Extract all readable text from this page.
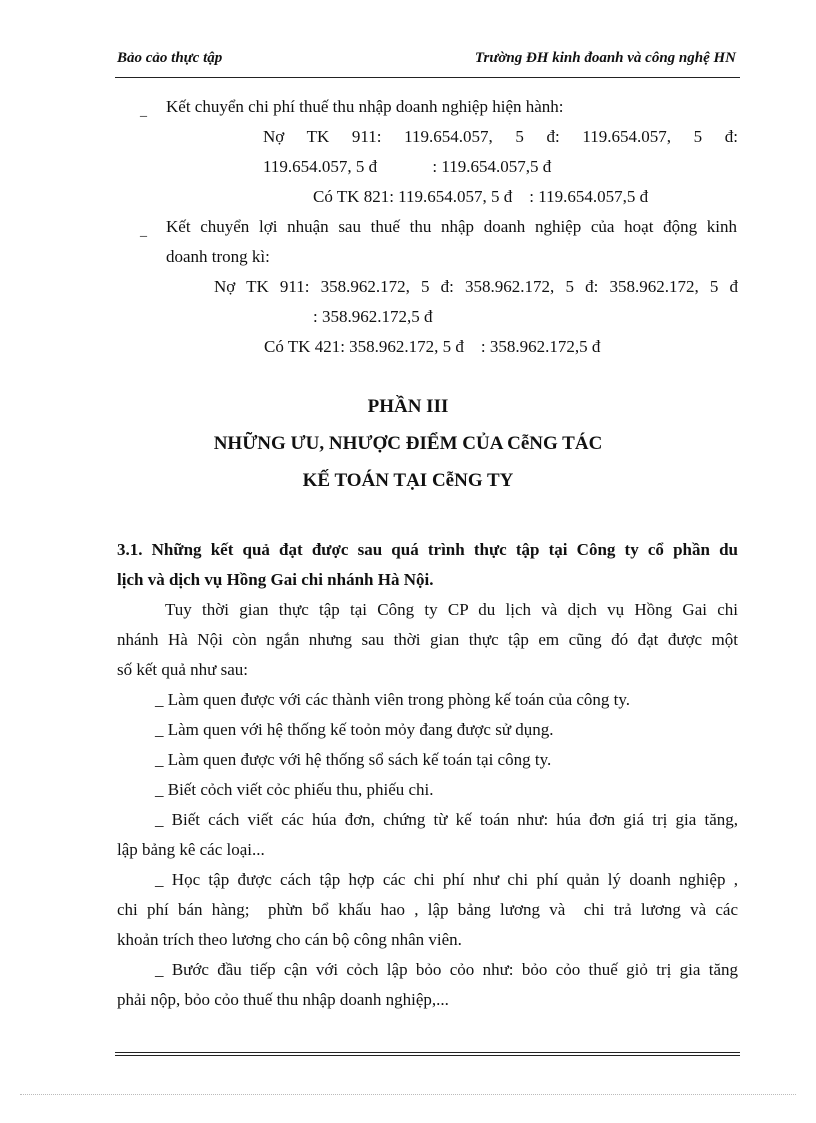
Bảo cảo thực tập	Trường ĐH kinh đoanh và công nghệ HN
_ Kết chuyển chi phí thuế thu nhập doanh nghiệp hiện hành:
Nợ TK 911: 119.654.057, 5 đ: 119.654.057, 5 đ:
119.654.057, 5 đ             : 119.654.057,5 đ
Có TK 821: 119.654.057, 5 đ    : 119.654.057,5 đ
_ Kết chuyển lợi nhuận sau thuế thu nhập doanh nghiệp của hoạt động kinh
doanh trong kì:
Nợ TK 911: 358.962.172, 5 đ: 358.962.172, 5 đ: 358.962.172, 5 đ
: 358.962.172,5 đ
Có TK 421: 358.962.172, 5 đ    : 358.962.172,5 đ
PHẦN III
NHỮNG ƯU, NHƯỢC ĐIỂM CỦA CễNG TÁC
KẾ TOÁN TẠI CễNG TY
3.1. Những kết quả đạt được sau quá trình thực tập tại Công ty cổ phần du
lịch và dịch vụ Hồng Gai chi nhánh Hà Nội.
Tuy thời gian thực tập tại Công ty CP du lịch và dịch vụ Hồng Gai chi
nhánh Hà Nội còn ngắn nhưng sau thời gian thực tập em cũng đó đạt được một
số kết quả như sau:
_ Làm quen được với các thành viên trong phòng kế toán của công ty.
_ Làm quen với hệ thống kế toỏn mỏy đang được sử dụng.
_ Làm quen được với hệ thống sổ sách kế toán tại công ty.
_ Biết cỏch viết cỏc phiếu thu, phiếu chi.
_ Biết cách viết các húa đơn, chứng từ kế toán như: húa đơn giá trị gia tăng,
lập bảng kê các loại...
_ Học tập được cách tập hợp các chi phí như chi phí quản lý doanh nghiệp ,
chi phí bán hàng;  phừn bổ khấu hao , lập bảng lương và  chi trả lương và các
khoản trích theo lương cho cán bộ công nhân viên.
_ Bước đầu tiếp cận với cỏch lập bỏo cỏo như: bỏo cỏo thuế giỏ trị gia tăng
phải nộp, bỏo cỏo thuế thu nhập doanh nghiệp,...
